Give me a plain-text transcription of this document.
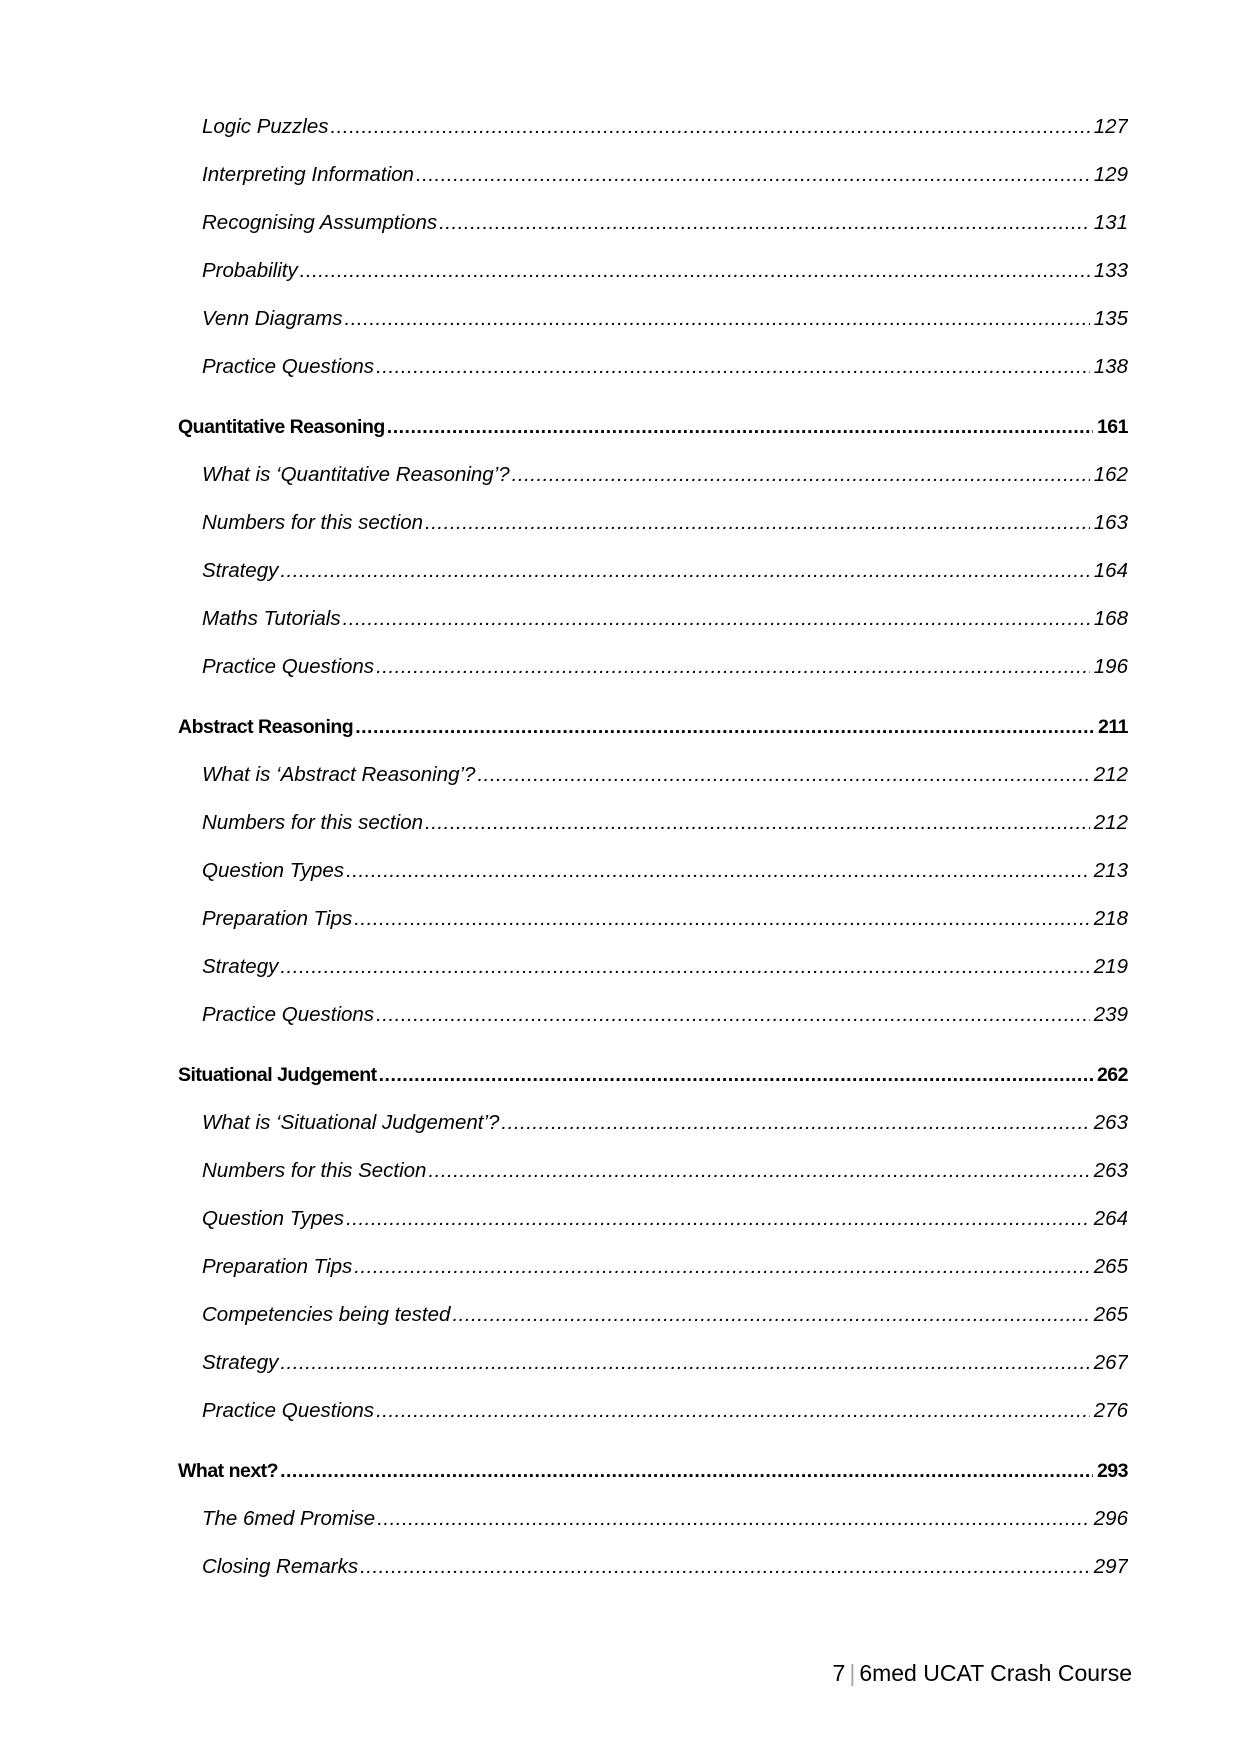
Logic Puzzles .....	127
Interpreting Information .....	129
Recognising Assumptions .....	131
Probability .....	133
Venn Diagrams .....	135
Practice Questions .....	138
Quantitative Reasoning .....	161
What is ‘Quantitative Reasoning’? .....	162
Numbers for this section .....	163
Strategy .....	164
Maths Tutorials .....	168
Practice Questions .....	196
Abstract Reasoning .....	211
What is ‘Abstract Reasoning’? .....	212
Numbers for this section .....	212
Question Types .....	213
Preparation Tips .....	218
Strategy .....	219
Practice Questions .....	239
Situational Judgement .....	262
What is ‘Situational Judgement’? .....	263
Numbers for this Section .....	263
Question Types .....	264
Preparation Tips .....	265
Competencies being tested .....	265
Strategy .....	267
Practice Questions .....	276
What next? .....	293
The 6med Promise .....	296
Closing Remarks .....	297
7 | 6med UCAT Crash Course
